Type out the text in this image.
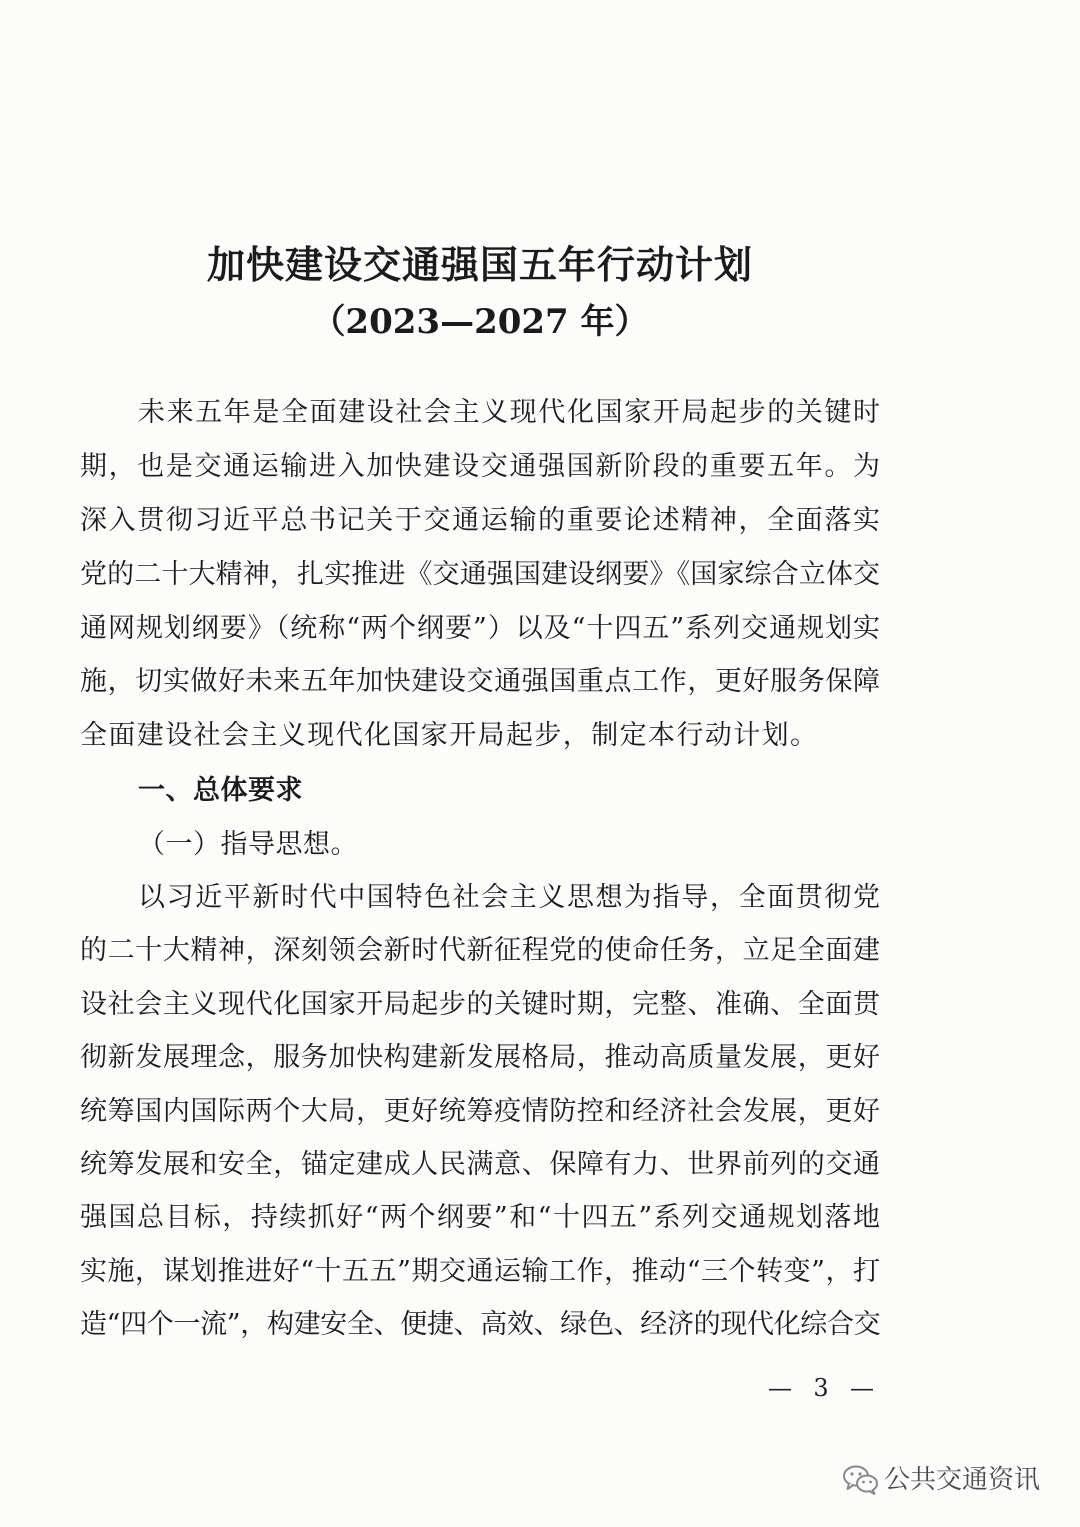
加快建设交通强国五年行动计划
（2023—2027 年）
未来五年是全面建设社会主义现代化国家开局起步的关键时
期，也是交通运输进入加快建设交通强国新阶段的重要五年。为
深入贯彻习近平总书记关于交通运输的重要论述精神，全面落实
党的二十大精神，扎实推进《交通强国建设纲要》《国家综合立体交
通网规划纲要》（统称“两个纲要”）以及“十四五”系列交通规划实
施，切实做好未来五年加快建设交通强国重点工作，更好服务保障
全面建设社会主义现代化国家开局起步，制定本行动计划。
一、总体要求
（一）指导思想。
以习近平新时代中国特色社会主义思想为指导，全面贯彻党
的二十大精神，深刻领会新时代新征程党的使命任务，立足全面建
设社会主义现代化国家开局起步的关键时期，完整、准确、全面贯
彻新发展理念，服务加快构建新发展格局，推动高质量发展，更好
统筹国内国际两个大局，更好统筹疫情防控和经济社会发展，更好
统筹发展和安全，锚定建成人民满意、保障有力、世界前列的交通
强国总目标，持续抓好“两个纲要”和“十四五”系列交通规划落地
实施，谋划推进好“十五五”期交通运输工作，推动“三个转变”，打
造“四个一流”，构建安全、便捷、高效、绿色、经济的现代化综合交
— 3 —
公共交通资讯
